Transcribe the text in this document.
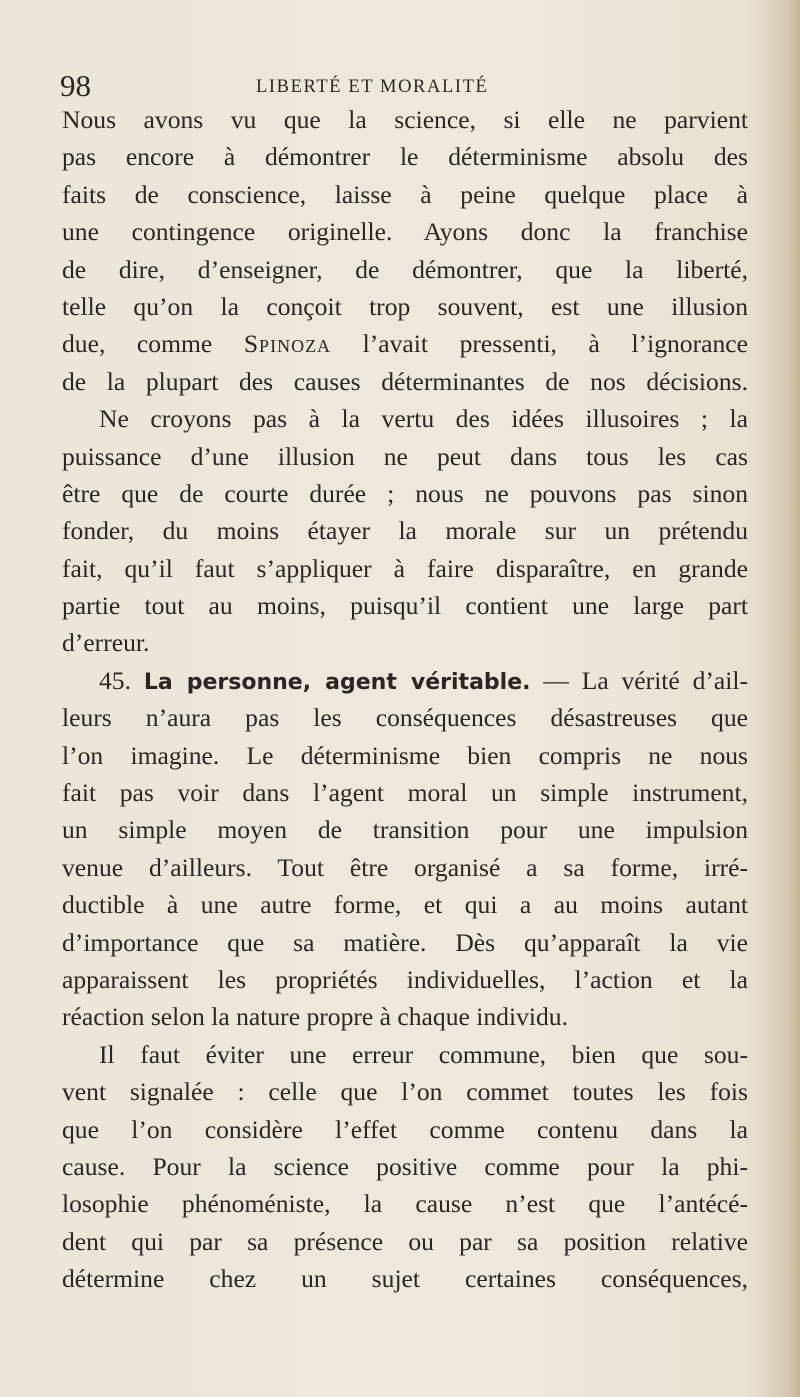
98	LIBERTÉ ET MORALITÉ
Nous avons vu que la science, si elle ne parvient
pas encore à démontrer le déterminisme absolu des
faits de conscience, laisse à peine quelque place à
une contingence originelle. Ayons donc la franchise
de dire, d’enseigner, de démontrer, que la liberté,
telle qu’on la conçoit trop souvent, est une illusion
due, comme Spinoza l’avait pressenti, à l’ignorance
de la plupart des causes déterminantes de nos décisions.
Ne croyons pas à la vertu des idées illusoires ; la
puissance d’une illusion ne peut dans tous les cas
être que de courte durée ; nous ne pouvons pas sinon
fonder, du moins étayer la morale sur un prétendu
fait, qu’il faut s’appliquer à faire disparaître, en grande
partie tout au moins, puisqu’il contient une large part
d’erreur.
45. La personne, agent véritable. — La vérité d’ail-
leurs n’aura pas les conséquences désastreuses que
l’on imagine. Le déterminisme bien compris ne nous
fait pas voir dans l’agent moral un simple instrument,
un simple moyen de transition pour une impulsion
venue d’ailleurs. Tout être organisé a sa forme, irré-
ductible à une autre forme, et qui a au moins autant
d’importance que sa matière. Dès qu’apparaît la vie
apparaissent les propriétés individuelles, l’action et la
réaction selon la nature propre à chaque individu.
Il faut éviter une erreur commune, bien que sou-
vent signalée : celle que l’on commet toutes les fois
que l’on considère l’effet comme contenu dans la
cause. Pour la science positive comme pour la phi-
losophie phénoméniste, la cause n’est que l’antécé-
dent qui par sa présence ou par sa position relative
détermine chez un sujet certaines conséquences,
